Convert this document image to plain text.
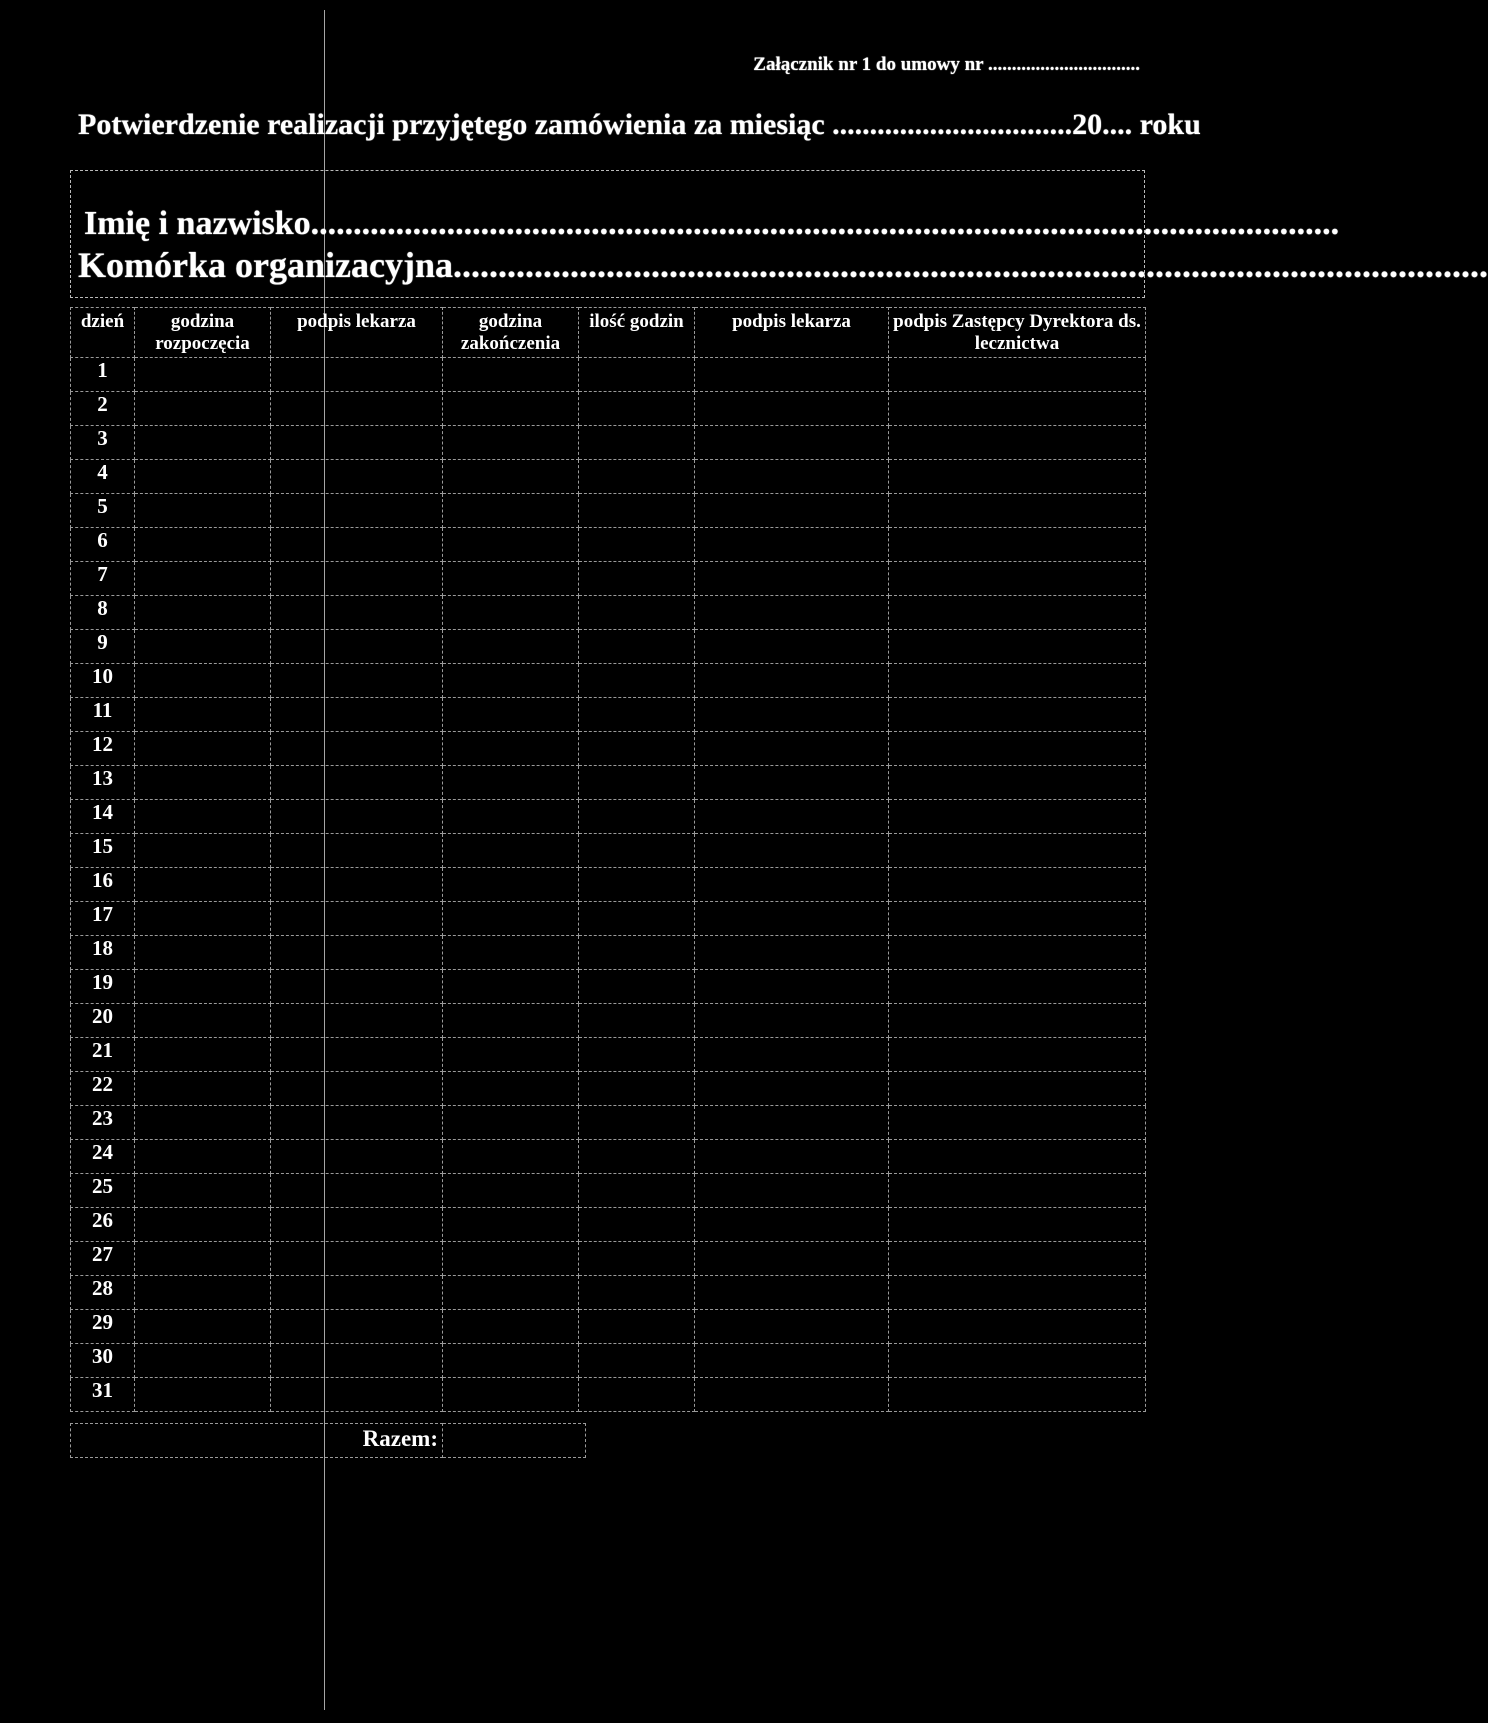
Załącznik nr 1 do umowy nr ................................
Potwierdzenie realizacji przyjętego zamówienia za miesiąc ................................20.... roku
Imię i nazwisko.........................................................................................................................
Komórka organizacyjna...................................................................................................................
dzień	godzina rozpoczęcia	podpis lekarza	godzina zakończenia	ilość godzin	podpis lekarza	podpis Zastępcy Dyrektora ds. lecznictwa
1						
2						
3						
4						
5						
6						
7						
8						
9						
10						
11						
12						
13						
14						
15						
16						
17						
18						
19						
20						
21						
22						
23						
24						
25						
26						
27						
28						
29						
30						
31						
Razem:	
